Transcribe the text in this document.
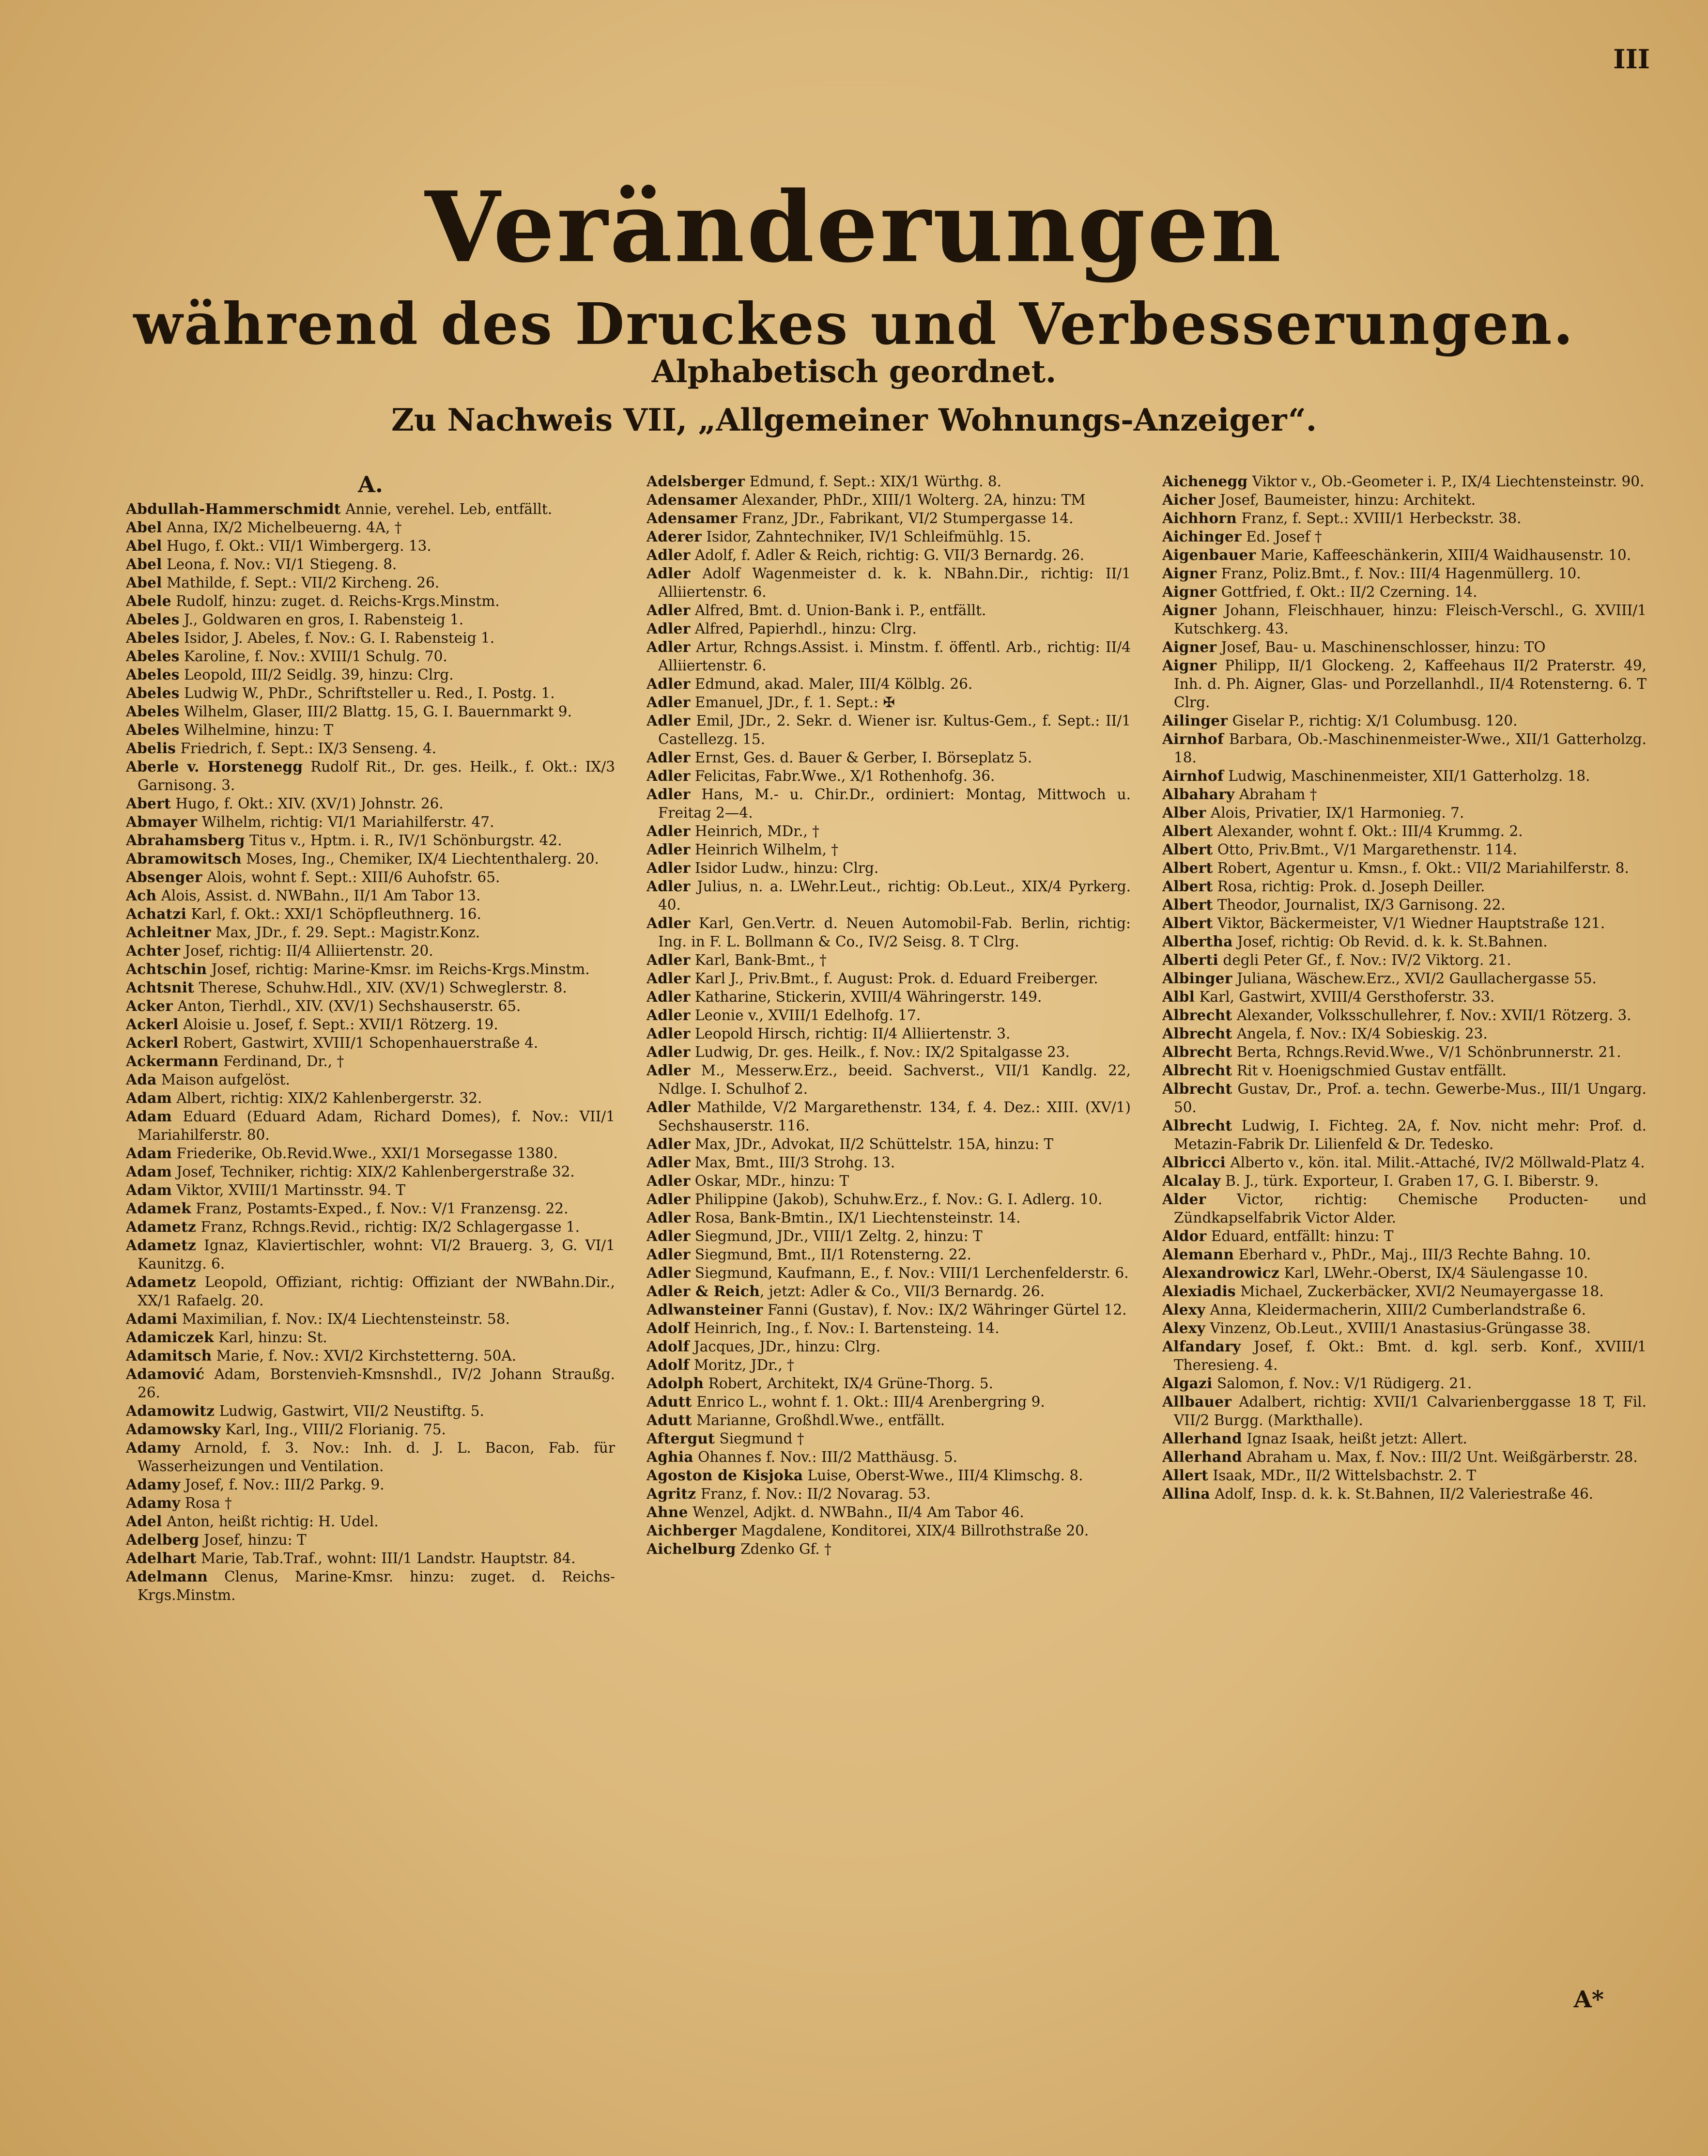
III

Veränderungen
während des Druckes und Verbesserungen.

Alphabetisch geordnet.

Zu Nachweis VII, „Allgemeiner Wohnungs-Anzeiger“.

A.

Abdullah-Hammerschmidt Annie, verehel. Leb, entfällt.

Abel Anna, IX/2 Michelbeuerng. 4A, †

Abel Hugo, f. Okt.: VII/1 Wimbergerg. 13.

Abel Leona, f. Nov.: VI/1 Stiegeng. 8.

Abel Mathilde, f. Sept.: VII/2 Kircheng. 26.

Abele Rudolf, hinzu: zuget. d. Reichs-Krgs.Minstm.

Abeles J., Goldwaren en gros, I. Rabensteig 1.

Abeles Isidor, J. Abeles, f. Nov.: G. I. Rabensteig 1.

Abeles Karoline, f. Nov.: XVIII/1 Schulg. 70.

Abeles Leopold, III/2 Seidlg. 39, hinzu: Clrg.

Abeles Ludwig W., PhDr., Schriftsteller u. Red., I. Postg. 1.

Abeles Wilhelm, Glaser, III/2 Blattg. 15, G. I. Bauernmarkt 9.

Abeles Wilhelmine, hinzu: T

Abelis Friedrich, f. Sept.: IX/3 Senseng. 4.

Aberle v. Horstenegg Rudolf Rit., Dr. ges. Heilk., f. Okt.: IX/3 Garnisong. 3.

Abert Hugo, f. Okt.: XIV. (XV/1) Johnstr. 26.

Abmayer Wilhelm, richtig: VI/1 Mariahilferstr. 47.

Abrahamsberg Titus v., Hptm. i. R., IV/1 Schönburgstr. 42.

Abramowitsch Moses, Ing., Chemiker, IX/4 Liechtenthalerg. 20.

Absenger Alois, wohnt f. Sept.: XIII/6 Auhofstr. 65.

Ach Alois, Assist. d. NWBahn., II/1 Am Tabor 13.

Achatzi Karl, f. Okt.: XXI/1 Schöpfleuthnerg. 16.

Achleitner Max, JDr., f. 29. Sept.: Magistr.Konz.

Achter Josef, richtig: II/4 Alliiertenstr. 20.

Achtschin Josef, richtig: Marine-Kmsr. im Reichs-Krgs.Minstm.

Achtsnit Therese, Schuhw.Hdl., XIV. (XV/1) Schweglerstr. 8.

Acker Anton, Tierhdl., XIV. (XV/1) Sechshauserstr. 65.

Ackerl Aloisie u. Josef, f. Sept.: XVII/1 Rötzerg. 19.

Ackerl Robert, Gastwirt, XVIII/1 Schopenhauerstraße 4.

Ackermann Ferdinand, Dr., †

Ada Maison aufgelöst.

Adam Albert, richtig: XIX/2 Kahlenbergerstr. 32.

Adam Eduard (Eduard Adam, Richard Domes), f. Nov.: VII/1 Mariahilferstr. 80.

Adam Friederike, Ob.Revid.Wwe., XXI/1 Morsegasse 1380.

Adam Josef, Techniker, richtig: XIX/2 Kahlenbergerstraße 32.

Adam Viktor, XVIII/1 Martinsstr. 94. T

Adamek Franz, Postamts-Exped., f. Nov.: V/1 Franzensg. 22.

Adametz Franz, Rchngs.Revid., richtig: IX/2 Schlagergasse 1.

Adametz Ignaz, Klaviertischler, wohnt: VI/2 Brauerg. 3, G. VI/1 Kaunitzg. 6.

Adametz Leopold, Offiziant, richtig: Offiziant der NWBahn.Dir., XX/1 Rafaelg. 20.

Adami Maximilian, f. Nov.: IX/4 Liechtensteinstr. 58.

Adamiczek Karl, hinzu: St.

Adamitsch Marie, f. Nov.: XVI/2 Kirchstetterng. 50A.

Adamović Adam, Borstenvieh-Kmsnshdl., IV/2 Johann Straußg. 26.

Adamowitz Ludwig, Gastwirt, VII/2 Neustiftg. 5.

Adamowsky Karl, Ing., VIII/2 Florianig. 75.

Adamy Arnold, f. 3. Nov.: Inh. d. J. L. Bacon, Fab. für Wasserheizungen und Ventilation.

Adamy Josef, f. Nov.: III/2 Parkg. 9.

Adamy Rosa †

Adel Anton, heißt richtig: H. Udel.

Adelberg Josef, hinzu: T

Adelhart Marie, Tab.Traf., wohnt: III/1 Landstr. Hauptstr. 84.

Adelmann Clenus, Marine-Kmsr. hinzu: zuget. d. Reichs-Krgs.Minstm.

Adelsberger Edmund, f. Sept.: XIX/1 Würthg. 8.

Adensamer Alexander, PhDr., XIII/1 Wolterg. 2A, hinzu: TM

Adensamer Franz, JDr., Fabrikant, VI/2 Stumpergasse 14.

Aderer Isidor, Zahntechniker, IV/1 Schleifmühlg. 15.

Adler Adolf, f. Adler & Reich, richtig: G. VII/3 Bernardg. 26.

Adler Adolf Wagenmeister d. k. k. NBahn.Dir., richtig: II/1 Alliiertenstr. 6.

Adler Alfred, Bmt. d. Union-Bank i. P., entfällt.

Adler Alfred, Papierhdl., hinzu: Clrg.

Adler Artur, Rchngs.Assist. i. Minstm. f. öffentl. Arb., richtig: II/4 Alliiertenstr. 6.

Adler Edmund, akad. Maler, III/4 Kölblg. 26.

Adler Emanuel, JDr., f. 1. Sept.: ✠

Adler Emil, JDr., 2. Sekr. d. Wiener isr. Kultus-Gem., f. Sept.: II/1 Castellezg. 15.

Adler Ernst, Ges. d. Bauer & Gerber, I. Börseplatz 5.

Adler Felicitas, Fabr.Wwe., X/1 Rothenhofg. 36.

Adler Hans, M.- u. Chir.Dr., ordiniert: Montag, Mittwoch u. Freitag 2—4.

Adler Heinrich, MDr., †

Adler Heinrich Wilhelm, †

Adler Isidor Ludw., hinzu: Clrg.

Adler Julius, n. a. LWehr.Leut., richtig: Ob.Leut., XIX/4 Pyrkerg. 40.

Adler Karl, Gen.Vertr. d. Neuen Automobil-Fab. Berlin, richtig: Ing. in F. L. Bollmann & Co., IV/2 Seisg. 8. T Clrg.

Adler Karl, Bank-Bmt., †

Adler Karl J., Priv.Bmt., f. August: Prok. d. Eduard Freiberger.

Adler Katharine, Stickerin, XVIII/4 Währingerstr. 149.

Adler Leonie v., XVIII/1 Edelhofg. 17.

Adler Leopold Hirsch, richtig: II/4 Alliiertenstr. 3.

Adler Ludwig, Dr. ges. Heilk., f. Nov.: IX/2 Spitalgasse 23.

Adler M., Messerw.Erz., beeid. Sachverst., VII/1 Kandlg. 22, Ndlge. I. Schulhof 2.

Adler Mathilde, V/2 Margarethenstr. 134, f. 4. Dez.: XIII. (XV/1) Sechshauserstr. 116.

Adler Max, JDr., Advokat, II/2 Schüttelstr. 15A, hinzu: T

Adler Max, Bmt., III/3 Strohg. 13.

Adler Oskar, MDr., hinzu: T

Adler Philippine (Jakob), Schuhw.Erz., f. Nov.: G. I. Adlerg. 10.

Adler Rosa, Bank-Bmtin., IX/1 Liechtensteinstr. 14.

Adler Siegmund, JDr., VIII/1 Zeltg. 2, hinzu: T

Adler Siegmund, Bmt., II/1 Rotensterng. 22.

Adler Siegmund, Kaufmann, E., f. Nov.: VIII/1 Lerchenfelderstr. 6.

Adler & Reich, jetzt: Adler & Co., VII/3 Bernardg. 26.

Adlwansteiner Fanni (Gustav), f. Nov.: IX/2 Währinger Gürtel 12.

Adolf Heinrich, Ing., f. Nov.: I. Bartensteing. 14.

Adolf Jacques, JDr., hinzu: Clrg.

Adolf Moritz, JDr., †

Adolph Robert, Architekt, IX/4 Grüne-Thorg. 5.

Adutt Enrico L., wohnt f. 1. Okt.: III/4 Arenbergring 9.

Adutt Marianne, Großhdl.Wwe., entfällt.

Aftergut Siegmund †

Aghia Ohannes f. Nov.: III/2 Matthäusg. 5.

Agoston de Kisjoka Luise, Oberst-Wwe., III/4 Klimschg. 8.

Agritz Franz, f. Nov.: II/2 Novarag. 53.

Ahne Wenzel, Adjkt. d. NWBahn., II/4 Am Tabor 46.

Aichberger Magdalene, Konditorei, XIX/4 Billrothstraße 20.

Aichelburg Zdenko Gf. †

Aichenegg Viktor v., Ob.-Geometer i. P., IX/4 Liechtensteinstr. 90.

Aicher Josef, Baumeister, hinzu: Architekt.

Aichhorn Franz, f. Sept.: XVIII/1 Herbeckstr. 38.

Aichinger Ed. Josef †

Aigenbauer Marie, Kaffeeschänkerin, XIII/4 Waidhausenstr. 10.

Aigner Franz, Poliz.Bmt., f. Nov.: III/4 Hagenmüllerg. 10.

Aigner Gottfried, f. Okt.: II/2 Czerning. 14.

Aigner Johann, Fleischhauer, hinzu: Fleisch-Verschl., G. XVIII/1 Kutschkerg. 43.

Aigner Josef, Bau- u. Maschinenschlosser, hinzu: TO

Aigner Philipp, II/1 Glockeng. 2, Kaffeehaus II/2 Praterstr. 49, Inh. d. Ph. Aigner, Glas- und Porzellanhdl., II/4 Rotensterng. 6. T Clrg.

Ailinger Giselar P., richtig: X/1 Columbusg. 120.

Airnhof Barbara, Ob.-Maschinenmeister-Wwe., XII/1 Gatterholzg. 18.

Airnhof Ludwig, Maschinenmeister, XII/1 Gatterholzg. 18.

Albahary Abraham †

Alber Alois, Privatier, IX/1 Harmonieg. 7.

Albert Alexander, wohnt f. Okt.: III/4 Krummg. 2.

Albert Otto, Priv.Bmt., V/1 Margarethenstr. 114.

Albert Robert, Agentur u. Kmsn., f. Okt.: VII/2 Mariahilferstr. 8.

Albert Rosa, richtig: Prok. d. Joseph Deiller.

Albert Theodor, Journalist, IX/3 Garnisong. 22.

Albert Viktor, Bäckermeister, V/1 Wiedner Hauptstraße 121.

Albertha Josef, richtig: Ob Revid. d. k. k. St.Bahnen.

Alberti degli Peter Gf., f. Nov.: IV/2 Viktorg. 21.

Albinger Juliana, Wäschew.Erz., XVI/2 Gaullachergasse 55.

Albl Karl, Gastwirt, XVIII/4 Gersthoferstr. 33.

Albrecht Alexander, Volksschullehrer, f. Nov.: XVII/1 Rötzerg. 3.

Albrecht Angela, f. Nov.: IX/4 Sobieskig. 23.

Albrecht Berta, Rchngs.Revid.Wwe., V/1 Schönbrunnerstr. 21.

Albrecht Rit v. Hoenigschmied Gustav entfällt.

Albrecht Gustav, Dr., Prof. a. techn. Gewerbe-Mus., III/1 Ungarg. 50.

Albrecht Ludwig, I. Fichteg. 2A, f. Nov. nicht mehr: Prof. d. Metazin-Fabrik Dr. Lilienfeld & Dr. Tedesko.

Albricci Alberto v., kön. ital. Milit.-Attaché, IV/2 Möllwald-Platz 4.

Alcalay B. J., türk. Exporteur, I. Graben 17, G. I. Biberstr. 9.

Alder Victor, richtig: Chemische Producten- und Zündkapselfabrik Victor Alder.

Aldor Eduard, entfällt: hinzu: T

Alemann Eberhard v., PhDr., Maj., III/3 Rechte Bahng. 10.

Alexandrowicz Karl, LWehr.-Oberst, IX/4 Säulengasse 10.

Alexiadis Michael, Zuckerbäcker, XVI/2 Neumayergasse 18.

Alexy Anna, Kleidermacherin, XIII/2 Cumberlandstraße 6.

Alexy Vinzenz, Ob.Leut., XVIII/1 Anastasius-Grüngasse 38.

Alfandary Josef, f. Okt.: Bmt. d. kgl. serb. Konf., XVIII/1 Theresieng. 4.

Algazi Salomon, f. Nov.: V/1 Rüdigerg. 21.

Allbauer Adalbert, richtig: XVII/1 Calvarienberggasse 18 T, Fil. VII/2 Burgg. (Markthalle).

Allerhand Ignaz Isaak, heißt jetzt: Allert.

Allerhand Abraham u. Max, f. Nov.: III/2 Unt. Weißgärberstr. 28.

Allert Isaak, MDr., II/2 Wittelsbachstr. 2. T

Allina Adolf, Insp. d. k. k. St.Bahnen, II/2 Valeriestraße 46.

A*
